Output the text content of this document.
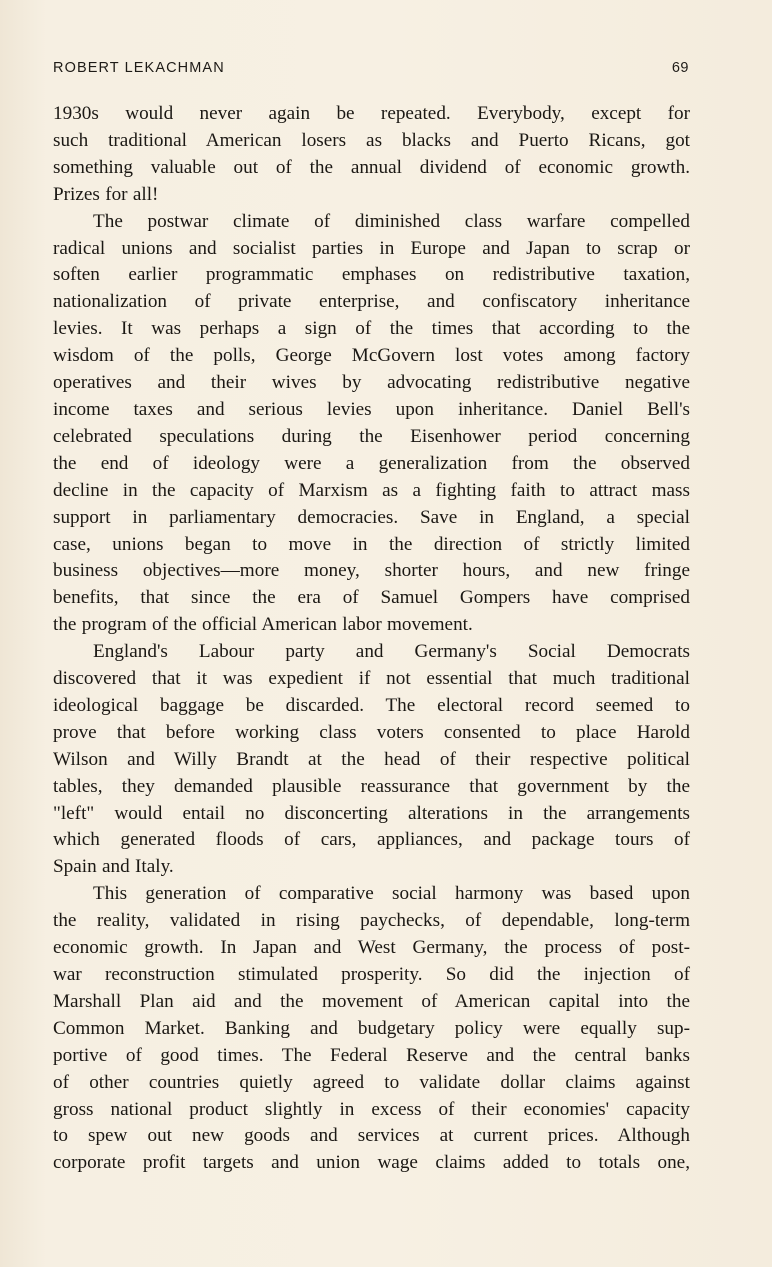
ROBERT LEKACHMAN	69

1930s would never again be repeated. Everybody, except for
such traditional American losers as blacks and Puerto Ricans, got
something valuable out of the annual dividend of economic growth.

Prizes for all!

The postwar climate of diminished class warfare compelled
radical unions and socialist parties in Europe and Japan to scrap or
soften earlier programmatic emphases on redistributive taxation,
nationalization of private enterprise, and confiscatory inheritance
levies. It was perhaps a sign of the times that according to the
wisdom of the polls, George McGovern lost votes among factory
operatives and their wives by advocating redistributive negative
income taxes and serious levies upon inheritance. Daniel Bell's
celebrated speculations during the Eisenhower period concerning
the end of ideology were a generalization from the observed
decline in the capacity of Marxism as a fighting faith to attract mass
support in parliamentary democracies. Save in England, a special
case, unions began to move in the direction of strictly limited
business objectives—more money, shorter hours, and new fringe
benefits, that since the era of Samuel Gompers have comprised

the program of the official American labor movement.

England's Labour party and Germany's Social Democrats
discovered that it was expedient if not essential that much traditional
ideological baggage be discarded. The electoral record seemed to
prove that before working class voters consented to place Harold
Wilson and Willy Brandt at the head of their respective political
tables, they demanded plausible reassurance that government by the
"left" would entail no disconcerting alterations in the arrangements
which generated floods of cars, appliances, and package tours of

Spain and Italy.

This generation of comparative social harmony was based upon
the reality, validated in rising paychecks, of dependable, long-term
economic growth. In Japan and West Germany, the process of post-
war reconstruction stimulated prosperity. So did the injection of
Marshall Plan aid and the movement of American capital into the
Common Market. Banking and budgetary policy were equally sup-
portive of good times. The Federal Reserve and the central banks
of other countries quietly agreed to validate dollar claims against
gross national product slightly in excess of their economies' capacity
to spew out new goods and services at current prices. Although
corporate profit targets and union wage claims added to totals one,
